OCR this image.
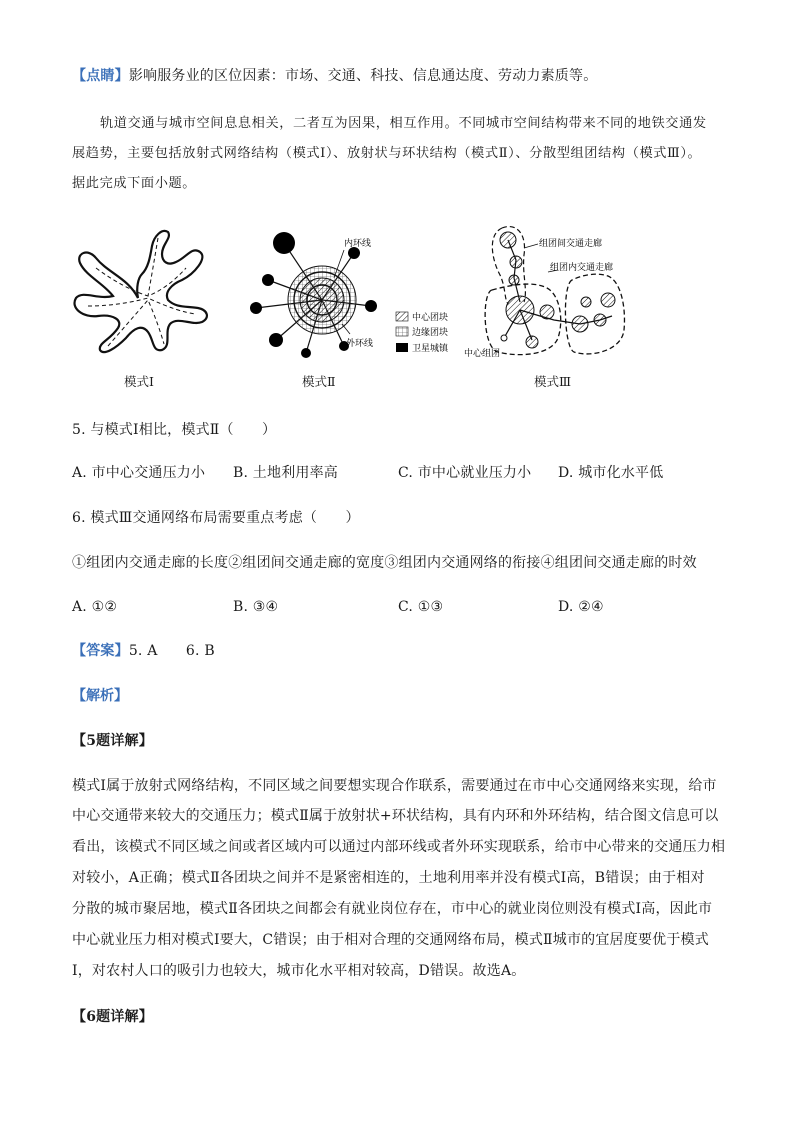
【点睛】影响服务业的区位因素：市场、交通、科技、信息通达度、劳动力素质等。
轨道交通与城市空间息息相关，二者互为因果，相互作用。不同城市空间结构带来不同的地铁交通发
展趋势，主要包括放射式网络结构（模式Ⅰ）、放射状与环状结构（模式Ⅱ）、分散型组团结构（模式Ⅲ）。
据此完成下面小题。
模式Ⅰ
内环线
外环线
中心团块
边缘团块
卫星城镇
模式Ⅱ
组团间交通走廊
组团内交通走廊
中心组团
模式Ⅲ
5. 与模式Ⅰ相比，模式Ⅱ（　　）
A. 市中心交通压力小 B. 土地利用率高	C. 市中心就业压力小 D. 城市化水平低
6. 模式Ⅲ交通网络布局需要重点考虑（　　）
①组团内交通走廊的长度②组团间交通走廊的宽度③组团内交通网络的衔接④组团间交通走廊的时效
A. ①②	B. ③④	C. ①③	D. ②④
【答案】5. A　　6. B
【解析】
【5题详解】
模式Ⅰ属于放射式网络结构，不同区域之间要想实现合作联系，需要通过在市中心交通网络来实现，给市
中心交通带来较大的交通压力；模式Ⅱ属于放射状+环状结构，具有内环和外环结构，结合图文信息可以
看出，该模式不同区域之间或者区域内可以通过内部环线或者外环实现联系，给市中心带来的交通压力相
对较小，A正确；模式Ⅱ各团块之间并不是紧密相连的，土地利用率并没有模式Ⅰ高，B错误；由于相对
分散的城市聚居地，模式Ⅱ各团块之间都会有就业岗位存在，市中心的就业岗位则没有模式Ⅰ高，因此市
中心就业压力相对模式Ⅰ要大，C错误；由于相对合理的交通网络布局，模式Ⅱ城市的宜居度要优于模式
Ⅰ，对农村人口的吸引力也较大，城市化水平相对较高，D错误。故选A。
【6题详解】
